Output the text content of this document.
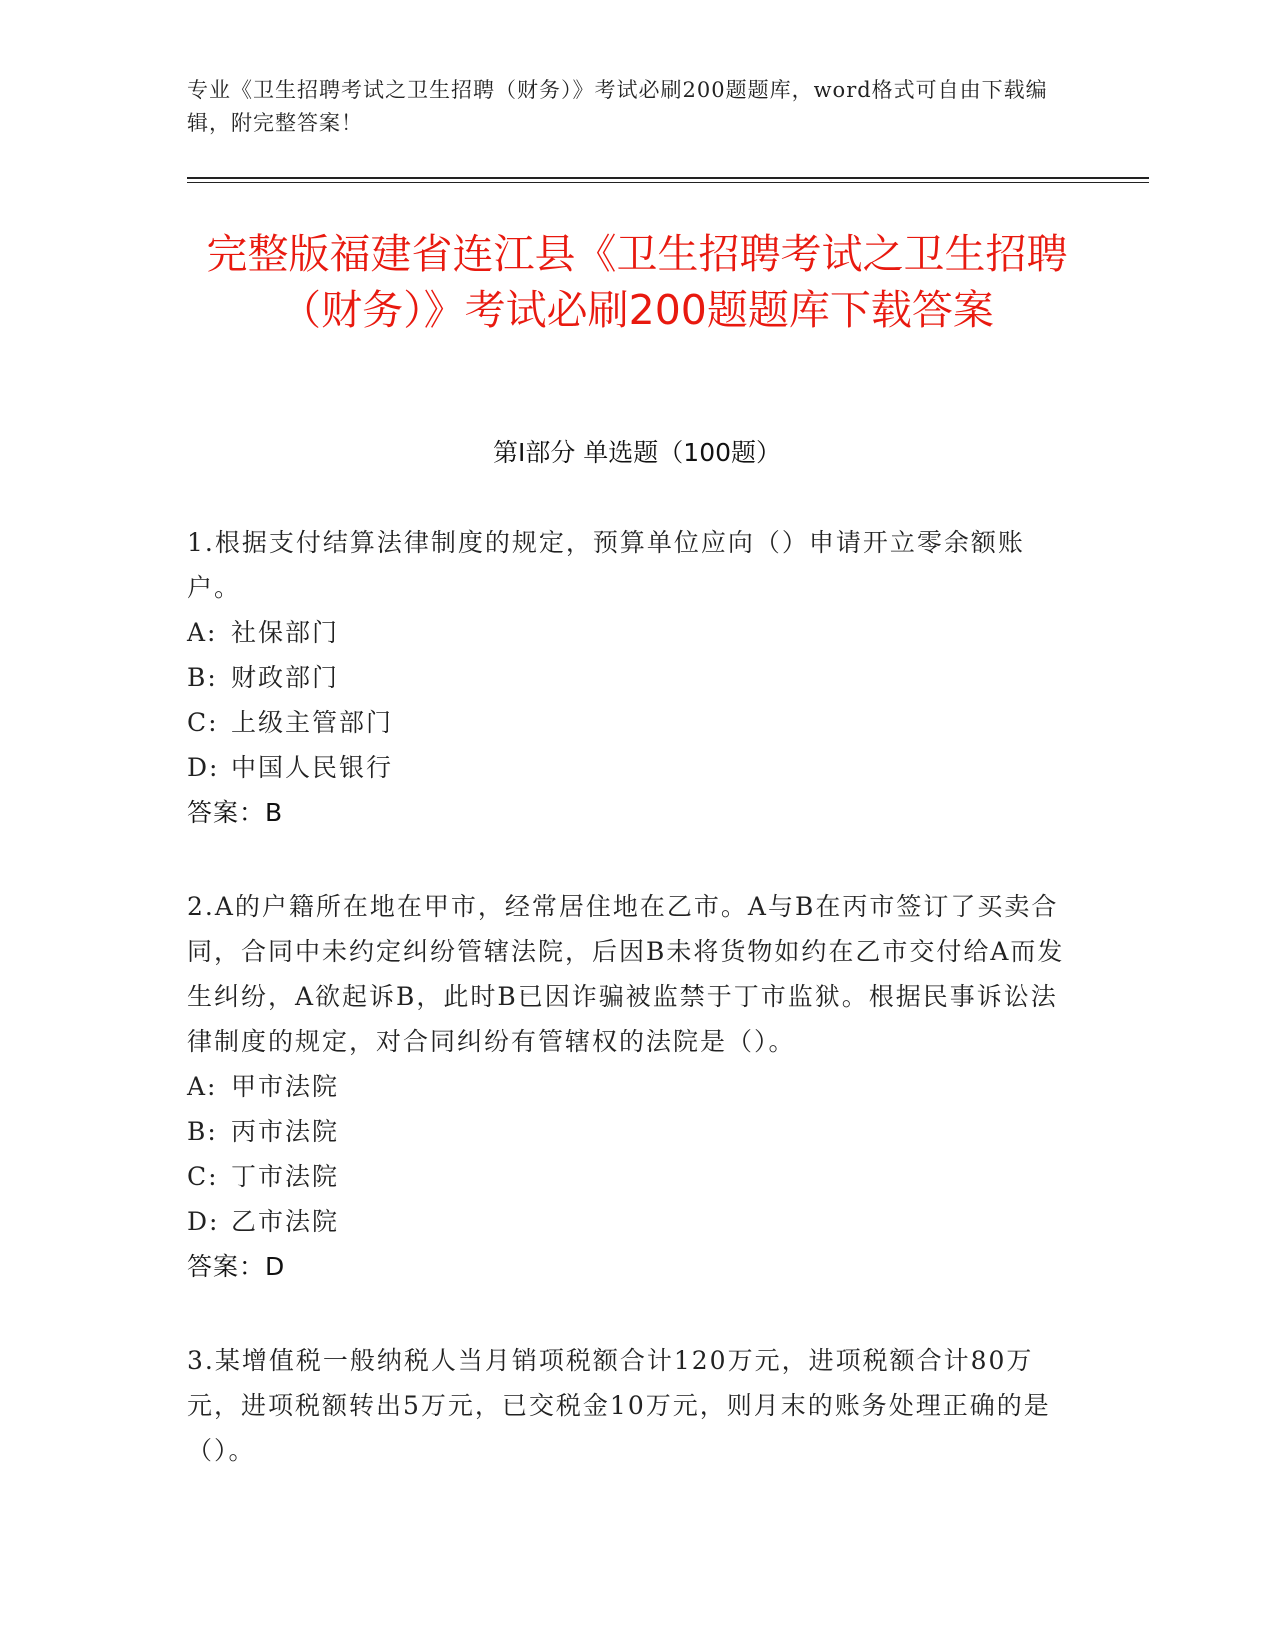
专业《卫生招聘考试之卫生招聘（财务）》考试必刷200题题库，word格式可自由下载编辑，附完整答案！
完整版福建省连江县《卫生招聘考试之卫生招聘（财务）》考试必刷200题题库下载答案
第Ⅰ部分 单选题（100题）

1.根据支付结算法律制度的规定，预算单位应向（）申请开立零余额账户。

A: 社保部门

B: 财政部门

C: 上级主管部门

D: 中国人民银行

答案：B

2.A的户籍所在地在甲市，经常居住地在乙市。A与B在丙市签订了买卖合同，合同中未约定纠纷管辖法院，后因B未将货物如约在乙市交付给A而发生纠纷，A欲起诉B，此时B已因诈骗被监禁于丁市监狱。根据民事诉讼法律制度的规定，对合同纠纷有管辖权的法院是（）。

A: 甲市法院

B: 丙市法院

C: 丁市法院

D: 乙市法院

答案：D

3.某增值税一般纳税人当月销项税额合计120万元，进项税额合计80万元，进项税额转出5万元，已交税金10万元，则月末的账务处理正确的是（）。
